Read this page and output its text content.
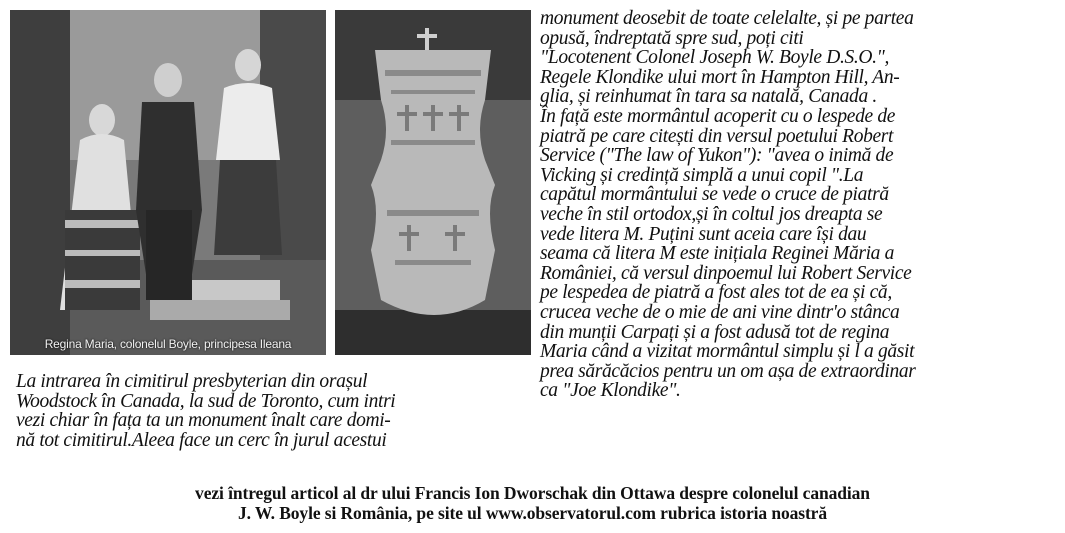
Regina Maria, colonelul Boyle, principesa Ileana
La intrarea în cimitirul presbyterian din orașul
Woodstock în Canada, la sud de Toronto, cum intri
vezi chiar în fața ta un monument înalt care domi-
nă tot cimitirul.Aleea face un cerc în jurul acestui
monument deosebit de toate celelalte, și pe partea
opusă, îndreptată spre sud, poți citi
"Locotenent Colonel Joseph W. Boyle D.S.O.",
Regele Klondike ului mort în Hampton Hill, An-
glia, și reinhumat în tara sa natală, Canada .
În față este mormântul acoperit cu o lespede de
piatră pe care citești din versul poetului Robert
Service ("The law of Yukon"): "avea o inimă de
Vicking și credință simplă a unui copil ".La
capătul mormântului se vede o cruce de piatră
veche în stil ortodox,și în coltul jos dreapta se
vede litera M. Puțini sunt aceia care își dau
seama că litera M este inițiala Reginei Măria a
României, că versul dinpoemul lui Robert Service
pe lespedea de piatră a fost ales tot de ea și că,
crucea veche de o mie de ani vine dintr'o stânca
din munții Carpați și a fost adusă tot de regina
Maria când a vizitat mormântul simplu și l a găsit
prea sărăcăcios pentru un om așa de extraordinar
ca "Joe Klondike".
vezi întregul articol al dr ului Francis Ion Dworschak din Ottawa despre colonelul canadian
J. W. Boyle si România, pe site ul www.observatorul.com rubrica istoria noastră
